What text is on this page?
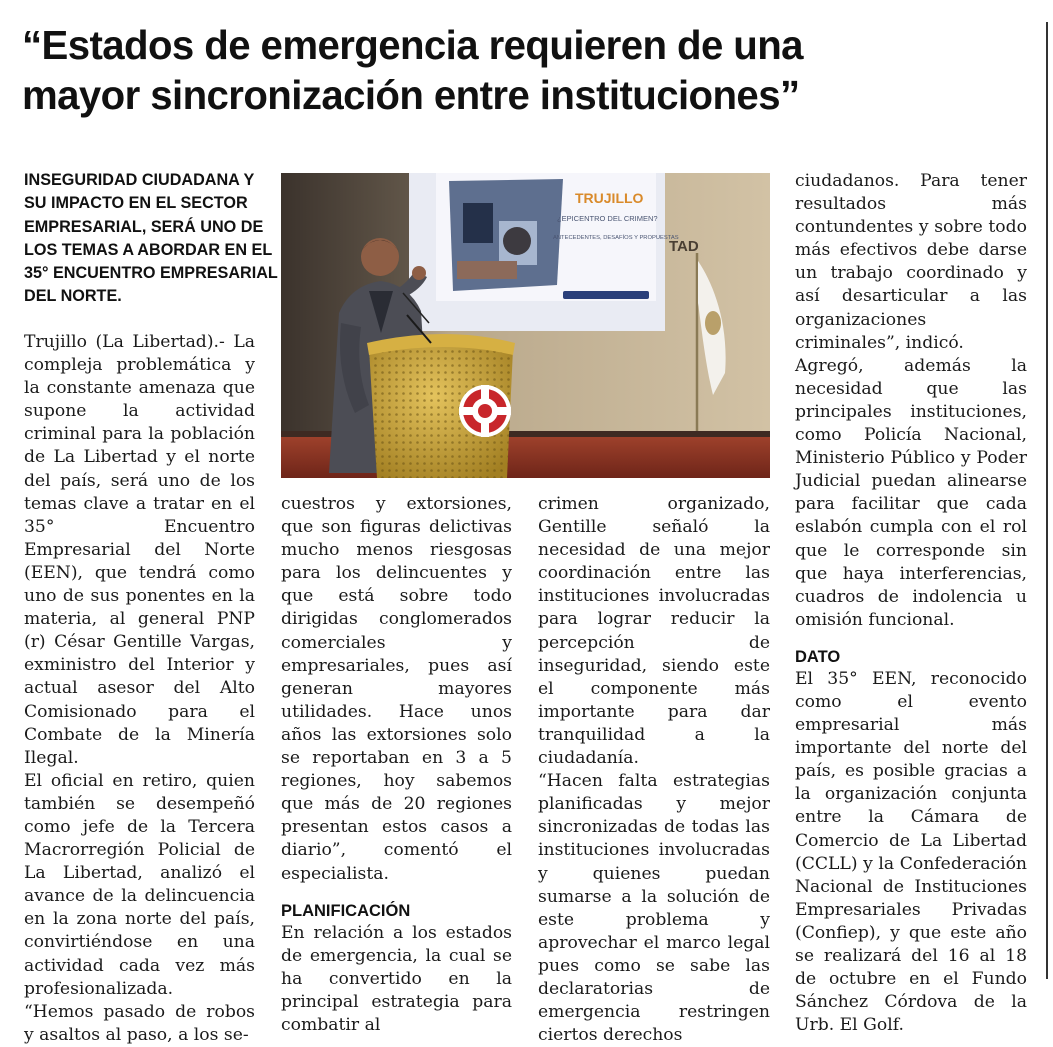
“Estados de emergencia requieren de una
mayor sincronización entre instituciones”
INSEGURIDAD CIUDADANA Y
SU IMPACTO EN EL SECTOR
EMPRESARIAL, SERÁ UNO DE
LOS TEMAS A ABORDAR EN EL
35° ENCUENTRO EMPRESARIAL
DEL NORTE.

Trujillo (La Libertad).- La compleja problemática y la constante amenaza que supone la actividad criminal para la población de La Libertad y el norte del país, será uno de los temas clave a tratar en el 35° Encuentro Empresarial del Norte (EEN), que tendrá como uno de sus ponentes en la materia, al general PNP (r) César Gentille Vargas, exministro del Interior y actual asesor del Alto Comisionado para el Combate de la Minería Ilegal.

El oficial en retiro, quien también se desempeñó como jefe de la Tercera Macrorregión Policial de La Libertad, analizó el avance de la delincuencia en la zona norte del país, convirtiéndose en una actividad cada vez más profesionalizada.

“Hemos pasado de robos y asaltos al paso, a los se-

TRUJILLO
¿EPICENTRO DEL CRIMEN?
ANTECEDENTES, DESAFÍOS Y PROPUESTAS
TAD

cuestros y extorsiones, que son figuras delictivas mucho menos riesgosas para los delincuentes y que está sobre todo dirigidas conglomerados comerciales y empresariales, pues así generan mayores utilidades. Hace unos años las extorsiones solo se reportaban en 3 a 5 regiones, hoy sabemos que más de 20 regiones presentan estos casos a diario”, comentó el especialista.

PLANIFICACIÓN

En relación a los estados de emergencia, la cual se ha convertido en la principal estrategia para combatir al

crimen organizado, Gentille señaló la necesidad de una mejor coordinación entre las instituciones involucradas para lograr reducir la percepción de inseguridad, siendo este el componente más importante para dar tranquilidad a la ciudadanía.

“Hacen falta estrategias planificadas y mejor sincronizadas de todas las instituciones involucradas y quienes puedan sumarse a la solución de este problema y aprovechar el marco legal pues como se sabe las declaratorias de emergencia restringen ciertos derechos

ciudadanos. Para tener resultados más contundentes y sobre todo más efectivos debe darse un trabajo coordinado y así desarticular a las organizaciones criminales”, indicó.

Agregó, además la necesidad que las principales instituciones, como Policía Nacional, Ministerio Público y Poder Judicial puedan alinearse para facilitar que cada eslabón cumpla con el rol que le corresponde sin que haya interferencias, cuadros de indolencia u omisión funcional.

DATO

El 35° EEN, reconocido como el evento empresarial más importante del norte del país, es posible gracias a la organización conjunta entre la Cámara de Comercio de La Libertad (CCLL) y la Confederación Nacional de Instituciones Empresariales Privadas (Confiep), y que este año se realizará del 16 al 18 de octubre en el Fundo Sánchez Córdova de la Urb. El Golf.
